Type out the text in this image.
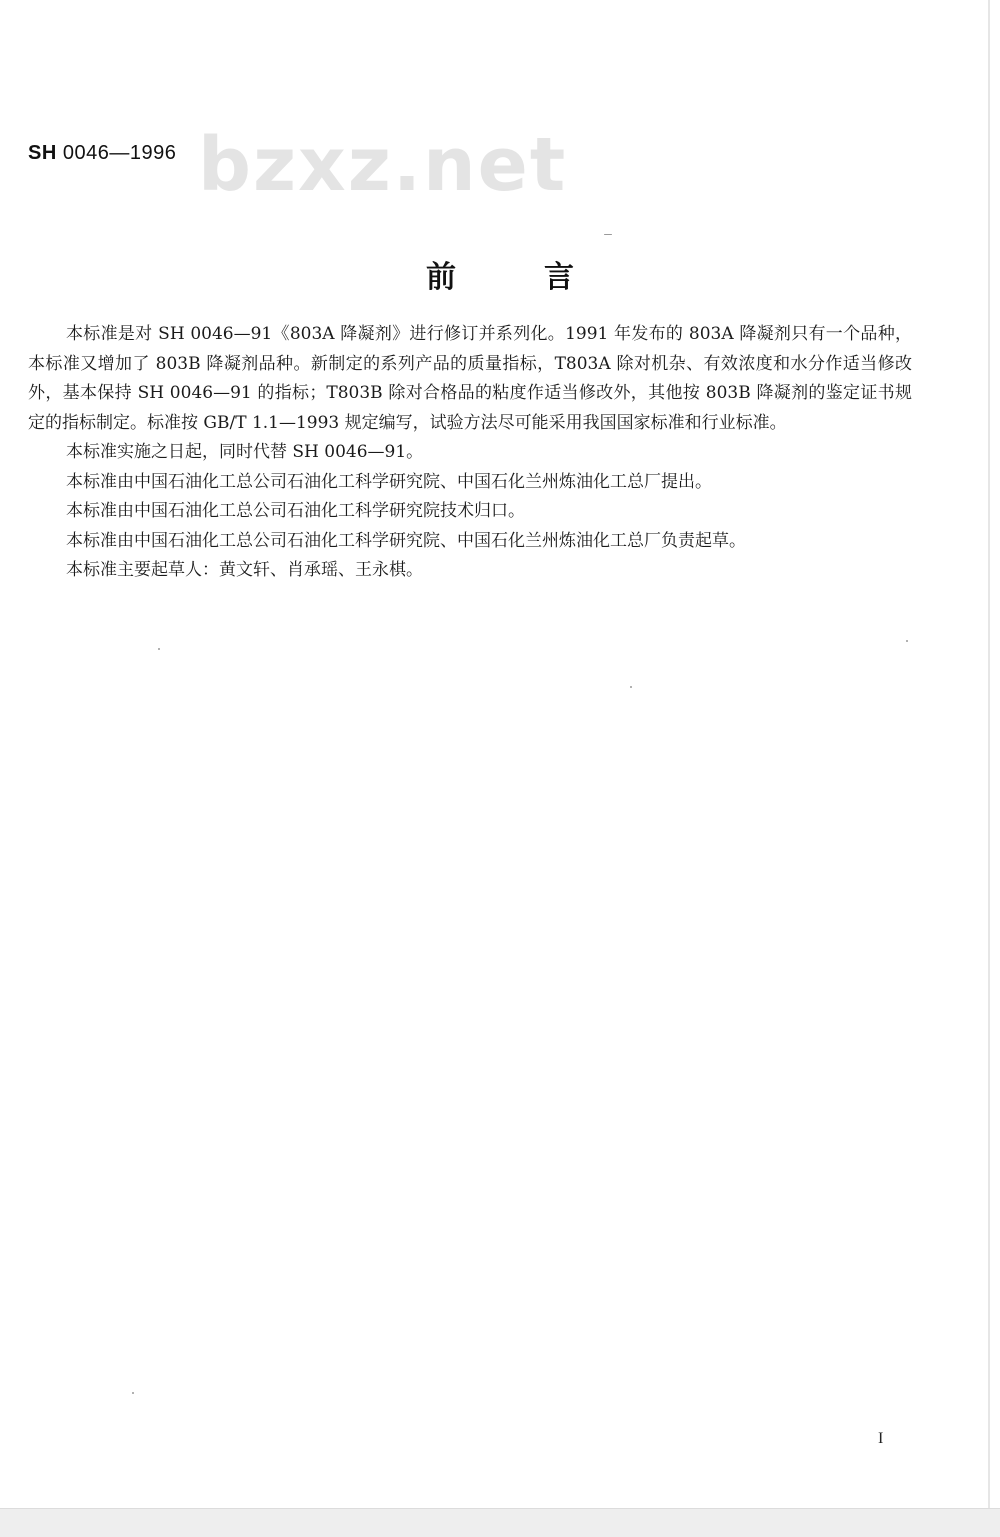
bzxz.net
SH 0046—1996
前	言

本标准是对 SH 0046—91《803A 降凝剂》进行修订并系列化。1991 年发布的 803A 降凝剂只有一个品种，本标准又增加了 803B 降凝剂品种。新制定的系列产品的质量指标，T803A 除对机杂、有效浓度和水分作适当修改外，基本保持 SH 0046—91 的指标；T803B 除对合格品的粘度作适当修改外，其他按 803B 降凝剂的鉴定证书规定的指标制定。标准按 GB/T 1.1—1993 规定编写，试验方法尽可能采用我国国家标准和行业标准。

本标准实施之日起，同时代替 SH 0046—91。

本标准由中国石油化工总公司石油化工科学研究院、中国石化兰州炼油化工总厂提出。

本标准由中国石油化工总公司石油化工科学研究院技术归口。

本标准由中国石油化工总公司石油化工科学研究院、中国石化兰州炼油化工总厂负责起草。

本标准主要起草人：黄文轩、肖承瑶、王永棋。

I
